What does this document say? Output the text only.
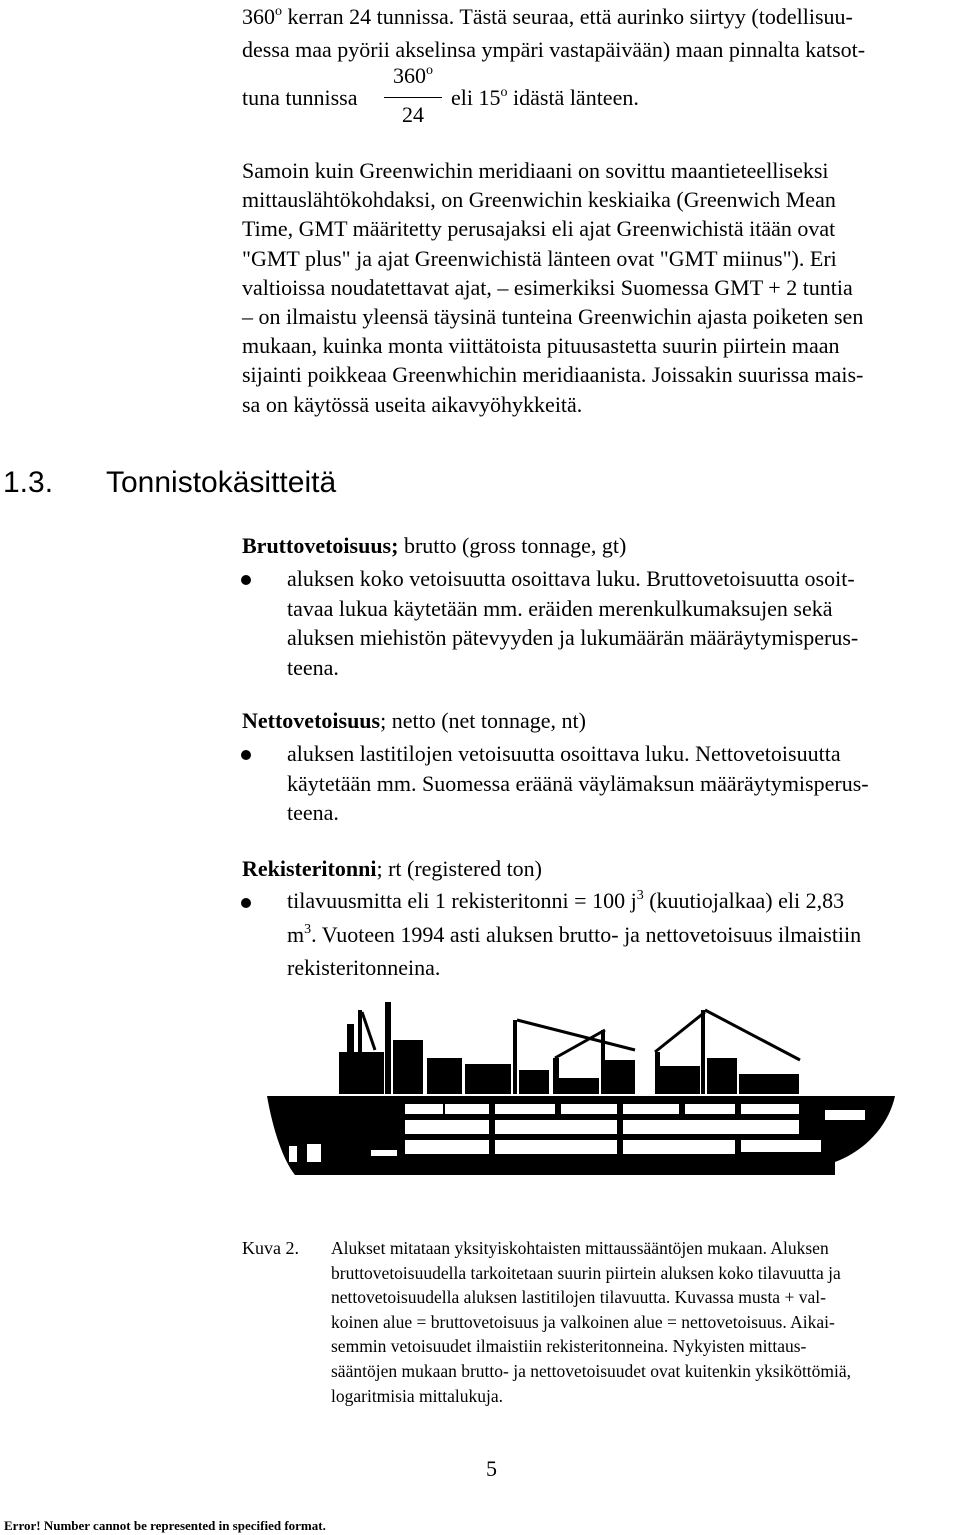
360$^o$ kerran 24 tunnissa. Tästä seuraa, että aurinko siirtyy (todellisuu-
dessa maa pyörii akselinsa ympäri vastapäivään) maan pinnalta katsot-
tuna tunnissa
360$^o$
24
eli 15$^o$ idästä länteen.
Samoin kuin Greenwichin meridiaani on sovittu maantieteelliseksi
mittauslähtökohdaksi, on Greenwichin keskiaika (Greenwich Mean
Time, GMT määritetty perusajaksi eli ajat Greenwichistä itään ovat
"GMT plus" ja ajat Greenwichistä länteen ovat "GMT miinus"). Eri
valtioissa noudatettavat ajat, – esimerkiksi Suomessa GMT + 2 tuntia
– on ilmaistu yleensä täysinä tunteina Greenwichin ajasta poiketen sen
mukaan, kuinka monta viittätoista pituusastetta suurin piirtein maan
sijainti poikkeaa Greenwhichin meridiaanista. Joissakin suurissa mais-
sa on käytössä useita aikavyöhykkeitä.
1.3. Tonnistokäsitteitä
Bruttovetoisuus; brutto (gross tonnage, gt)
aluksen koko vetoisuutta osoittava luku. Bruttovetoisuutta osoit-
tavaa lukua käytetään mm. eräiden merenkulkumaksujen sekä
aluksen miehistön pätevyyden ja lukumäärän määräytymisperus-
teena.
Nettovetoisuus; netto (net tonnage, nt)
aluksen lastitilojen vetoisuutta osoittava luku. Nettovetoisuutta
käytetään mm. Suomessa eräänä väylämaksun määräytymisperus-
teena.
Rekisteritonni; rt (registered ton)
tilavuusmitta eli 1 rekisteritonni = 100 $j^3$ (kuutiojalkaa) eli 2,83
$m^3$. Vuoteen 1994 asti aluksen brutto- ja nettovetoisuus ilmaistiin
rekisteritonneina.
Kuva 2. Alukset mitataan yksityiskohtaisten mittaussääntöjen mukaan. Aluksen
bruttovetoisuudella tarkoitetaan suurin piirtein aluksen koko tilavuutta ja
nettovetoisuudella aluksen lastitilojen tilavuutta. Kuvassa musta + val-
koinen alue = bruttovetoisuus ja valkoinen alue = nettovetoisuus. Aikai-
semmin vetoisuudet ilmaistiin rekisteritonneina. Nykyisten mittaus-
sääntöjen mukaan brutto- ja nettovetoisuudet ovat kuitenkin yksiköttömiä,
logaritmisia mittalukuja.
5
Error! Number cannot be represented in specified format.
